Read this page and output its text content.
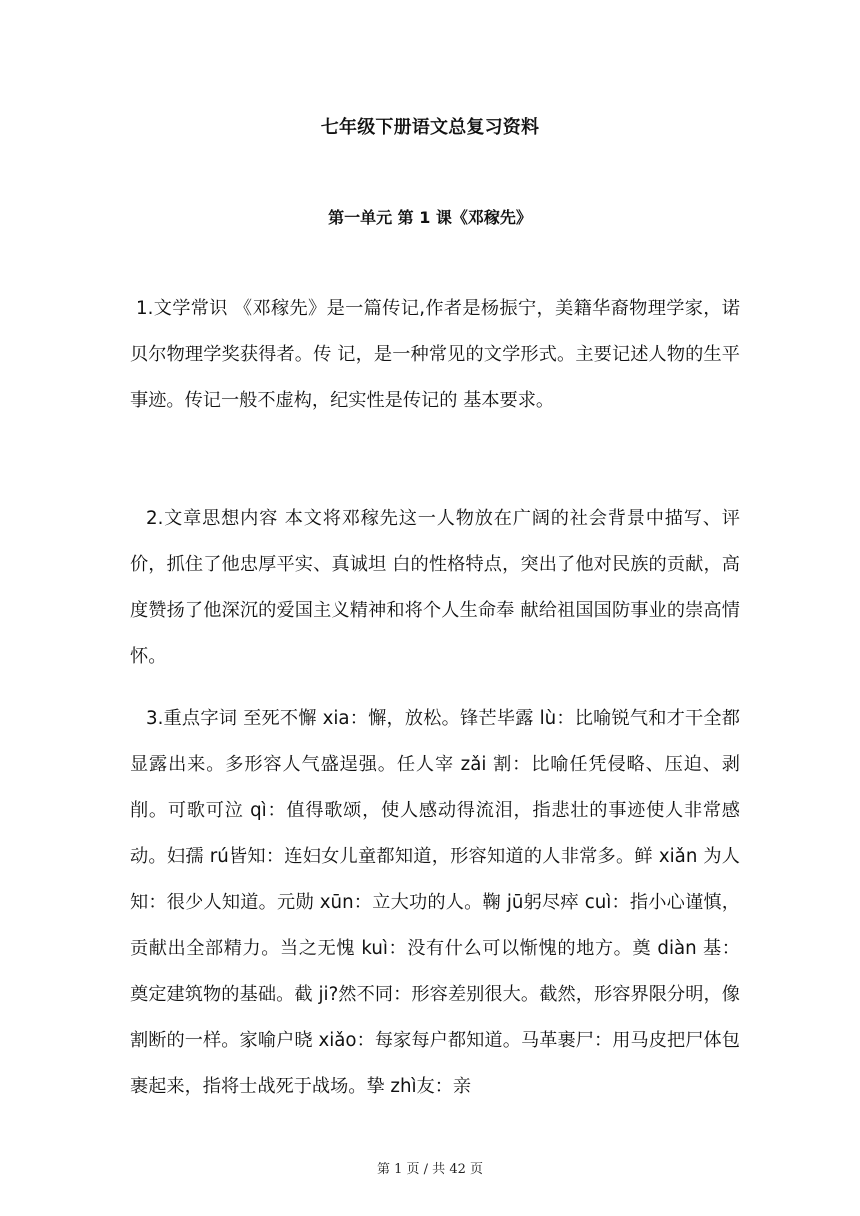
七年级下册语文总复习资料
第一单元 第 1 课《邓稼先》

1.文学常识 《邓稼先》是一篇传记,作者是杨振宁，美籍华裔物理学家，诺贝尔物理学奖获得者。传 记，是一种常见的文学形式。主要记述人物的生平事迹。传记一般不虚构，纪实性是传记的 基本要求。

2.文章思想内容 本文将邓稼先这一人物放在广阔的社会背景中描写、评价，抓住了他忠厚平实、真诚坦 白的性格特点，突出了他对民族的贡献，高度赞扬了他深沉的爱国主义精神和将个人生命奉 献给祖国国防事业的崇高情怀。

3.重点字词 至死不懈 xia：懈，放松。锋芒毕露 lù：比喻锐气和才干全都显露出来。多形容人气盛逞强。任人宰 zǎi 割：比喻任凭侵略、压迫、剥削。可歌可泣 qì：值得歌颂，使人感动得流泪，指悲壮的事迹使人非常感动。妇孺 rú皆知：连妇女儿童都知道，形容知道的人非常多。鲜 xiǎn 为人知：很少人知道。元勋 xūn：立大功的人。鞠 jū躬尽瘁 cuì：指小心谨慎，贡献出全部精力。当之无愧 kuì：没有什么可以惭愧的地方。奠 diàn 基：奠定建筑物的基础。截 ji?然不同：形容差别很大。截然，形容界限分明，像割断的一样。家喻户晓 xiǎo：每家每户都知道。马革裹尸：用马皮把尸体包裹起来，指将士战死于战场。挚 zhì友：亲

第 1 页 / 共 42 页
